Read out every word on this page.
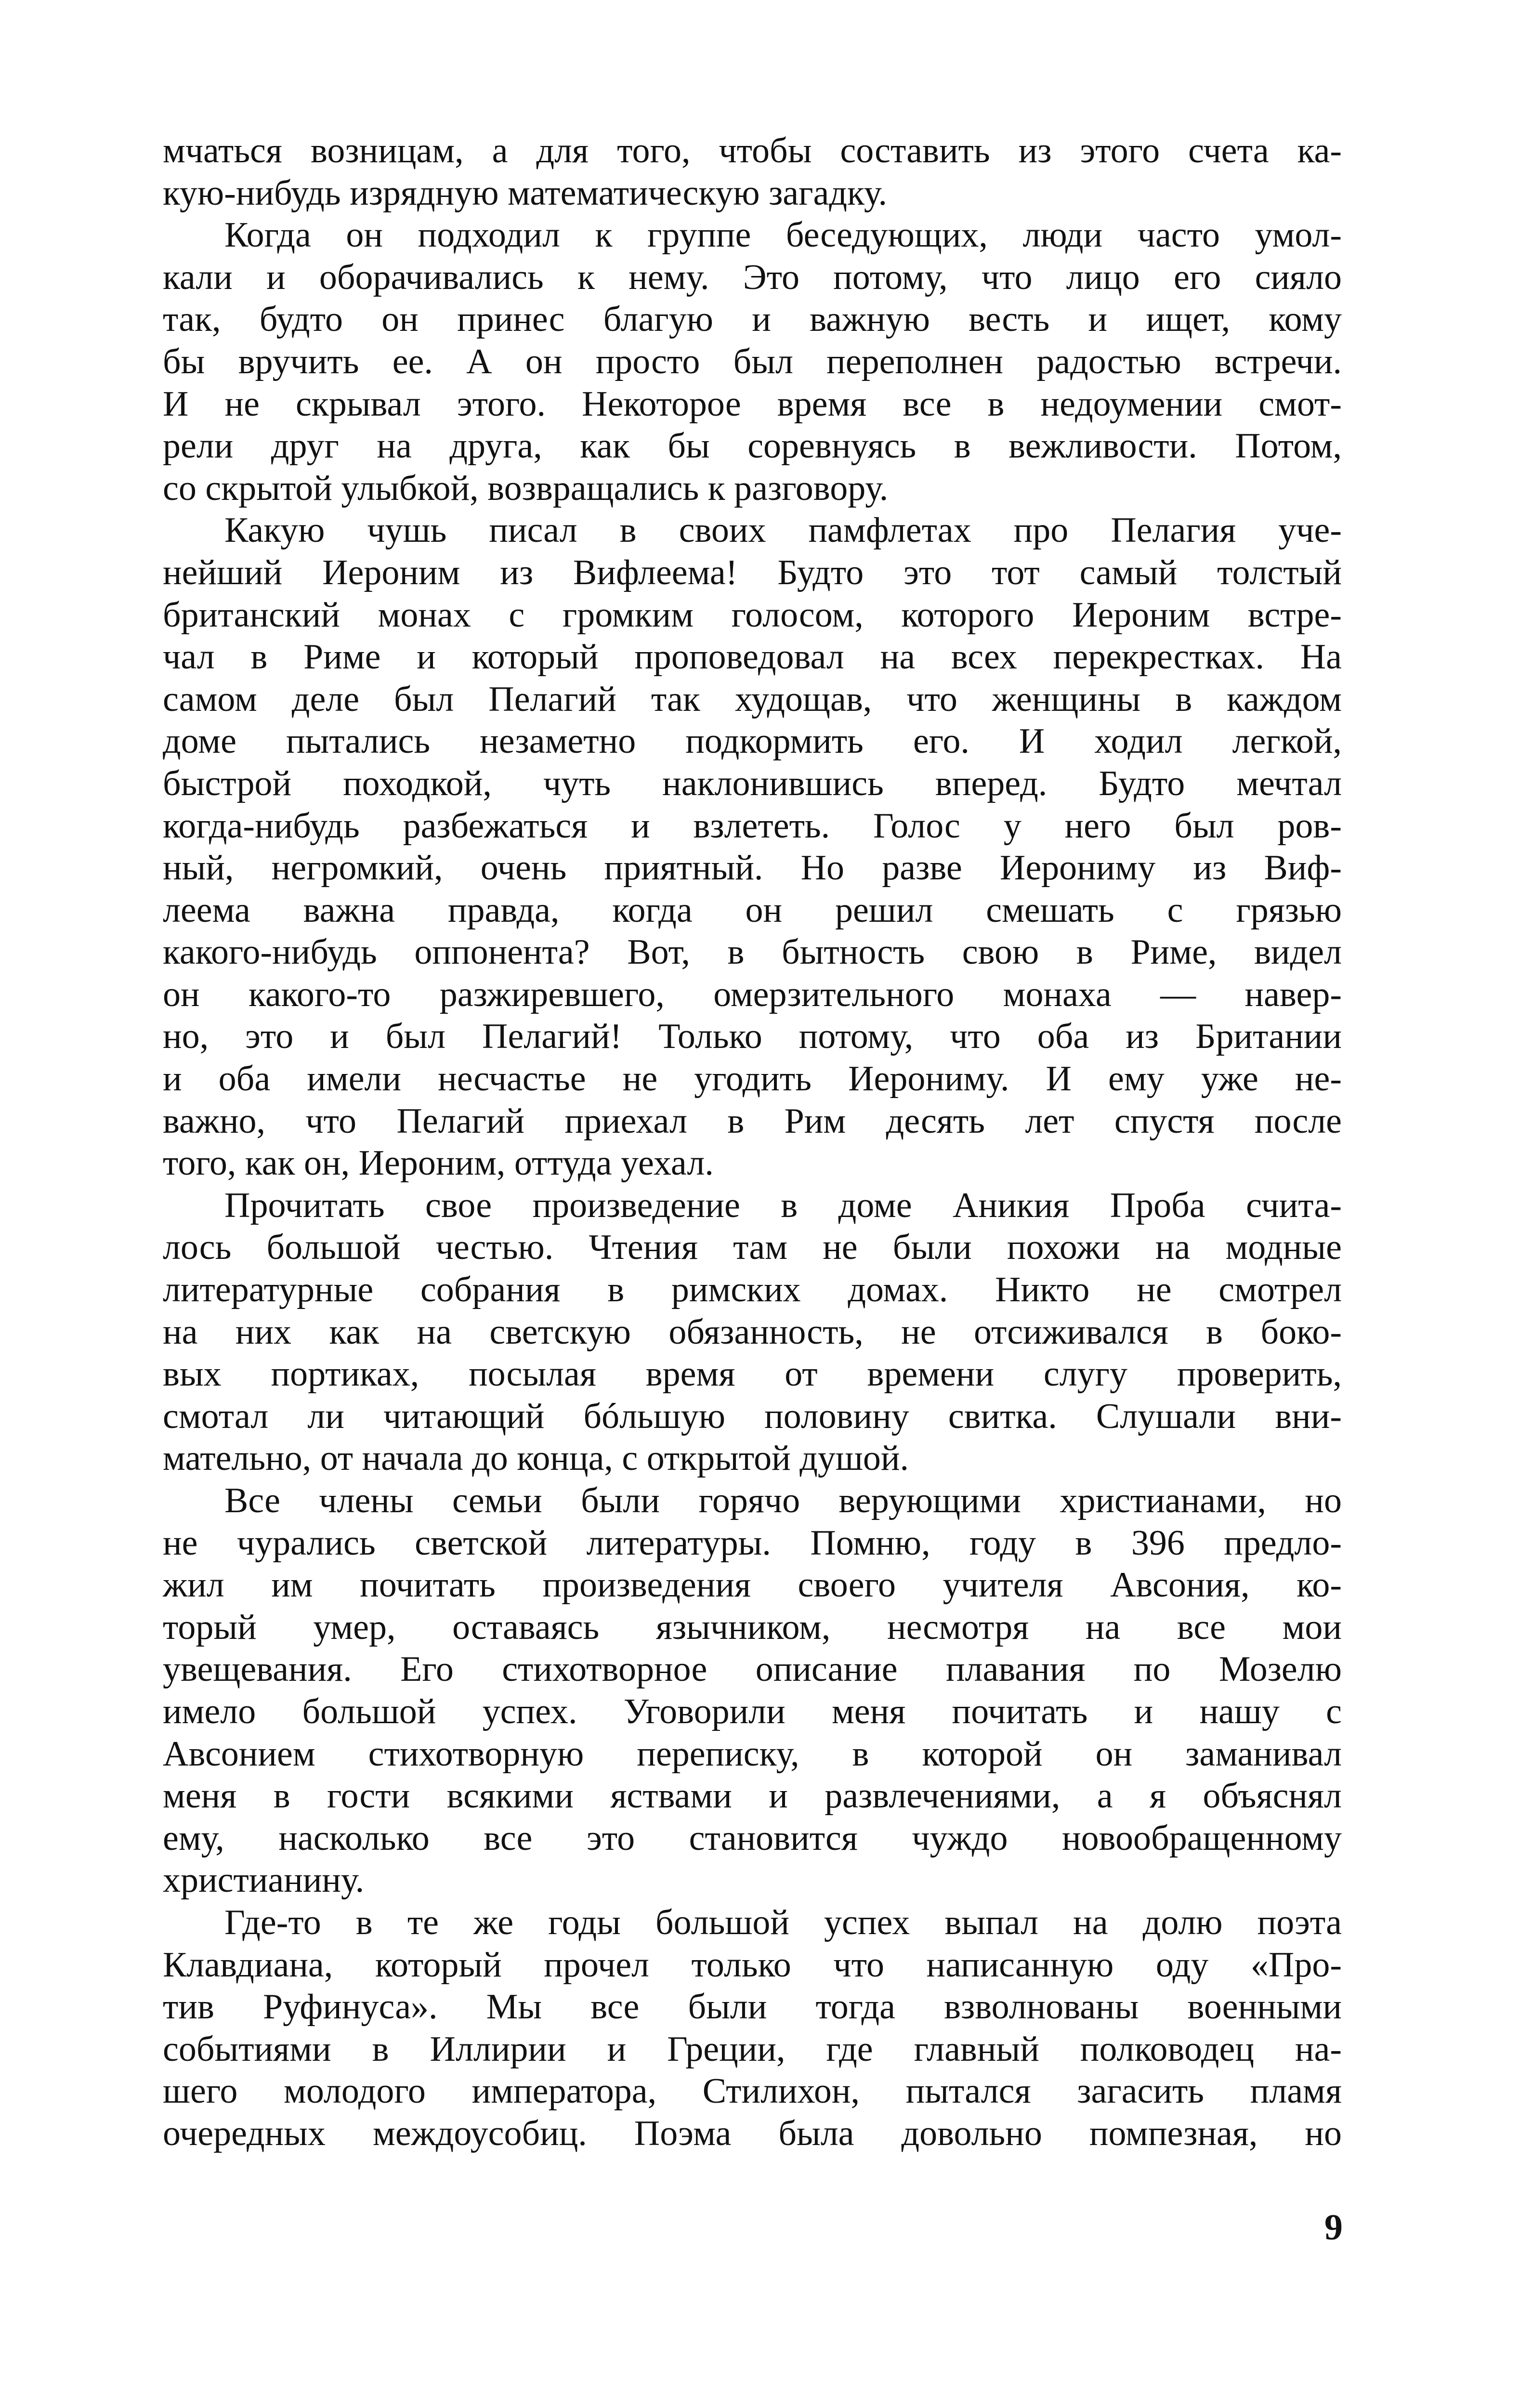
мчаться возницам, а для того, чтобы составить из этого счета ка-
кую-нибудь изрядную математическую загадку.
Когда он подходил к группе беседующих, люди часто умол-
кали и оборачивались к нему. Это потому, что лицо его сияло
так, будто он принес благую и важную весть и ищет, кому
бы вручить ее. А он просто был переполнен радостью встречи.
И не скрывал этого. Некоторое время все в недоумении смот-
рели друг на друга, как бы соревнуясь в вежливости. Потом,
со скрытой улыбкой, возвращались к разговору.
Какую чушь писал в своих памфлетах про Пелагия уче-
нейший Иероним из Вифлеема! Будто это тот самый толстый
британский монах с громким голосом, которого Иероним встре-
чал в Риме и который проповедовал на всех перекрестках. На
самом деле был Пелагий так худощав, что женщины в каждом
доме пытались незаметно подкормить его. И ходил легкой,
быстрой походкой, чуть наклонившись вперед. Будто мечтал
когда-нибудь разбежаться и взлететь. Голос у него был ров-
ный, негромкий, очень приятный. Но разве Иерониму из Виф-
леема важна правда, когда он решил смешать с грязью
какого-нибудь оппонента? Вот, в бытность свою в Риме, видел
он какого-то разжиревшего, омерзительного монаха — навер-
но, это и был Пелагий! Только потому, что оба из Британии
и оба имели несчастье не угодить Иерониму. И ему уже не-
важно, что Пелагий приехал в Рим десять лет спустя после
того, как он, Иероним, оттуда уехал.
Прочитать свое произведение в доме Аникия Проба счита-
лось большой честью. Чтения там не были похожи на модные
литературные собрания в римских домах. Никто не смотрел
на них как на светскую обязанность, не отсиживался в боко-
вых портиках, посылая время от времени слугу проверить,
смотал ли читающий бóльшую половину свитка. Слушали вни-
мательно, от начала до конца, с открытой душой.
Все члены семьи были горячо верующими христианами, но
не чурались светской литературы. Помню, году в 396 предло-
жил им почитать произведения своего учителя Авсония, ко-
торый умер, оставаясь язычником, несмотря на все мои
увещевания. Его стихотворное описание плавания по Мозелю
имело большой успех. Уговорили меня почитать и нашу с
Авсонием стихотворную переписку, в которой он заманивал
меня в гости всякими яствами и развлечениями, а я объяснял
ему, насколько все это становится чуждо новообращенному
христианину.
Где-то в те же годы большой успех выпал на долю поэта
Клавдиана, который прочел только что написанную оду «Про-
тив Руфинуса». Мы все были тогда взволнованы военными
событиями в Иллирии и Греции, где главный полководец на-
шего молодого императора, Стилихон, пытался загасить пламя
очередных междоусобиц. Поэма была довольно помпезная, но
9
